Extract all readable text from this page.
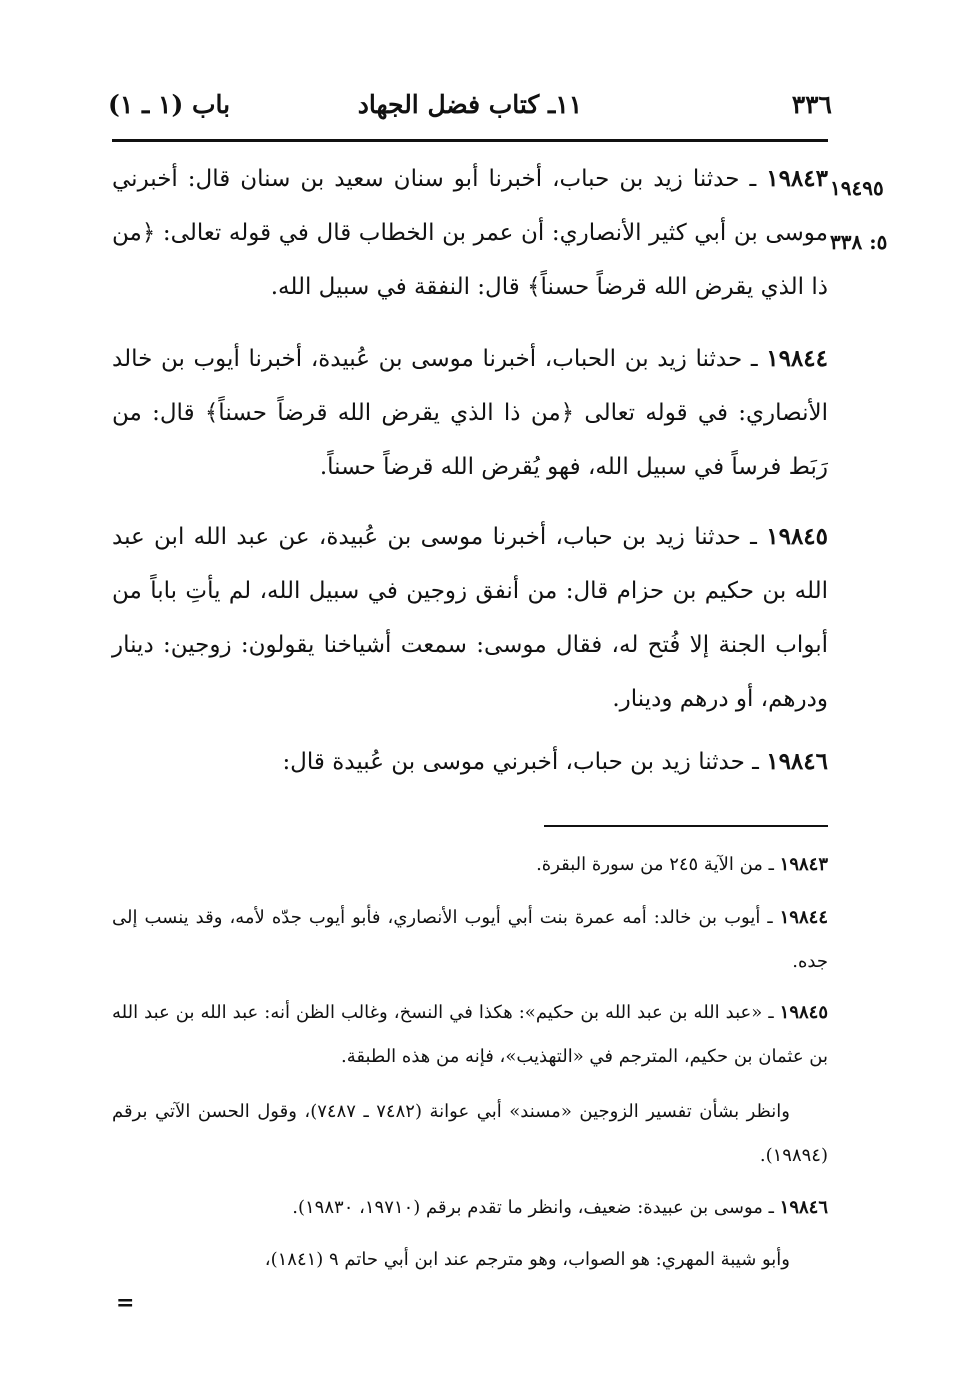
٣٣٦
١١ـ كتاب فضل الجهاد
باب (١ ـ ١)
١٩٤٩٥
٥: ٣٣٨

١٩٨٤٣ ـ حدثنا زيد بن حباب، أخبرنا أبو سنان سعيد بن سنان قال: أخبرني موسى بن أبي كثير الأنصاري: أن عمر بن الخطاب قال في قوله تعالى: ﴿من ذا الذي يقرض الله قرضاً حسناً﴾ قال: النفقة في سبيل الله.

١٩٨٤٤ ـ حدثنا زيد بن الحباب، أخبرنا موسى بن عُبيدة، أخبرنا أيوب بن خالد الأنصاري: في قوله تعالى ﴿من ذا الذي يقرض الله قرضاً حسناً﴾ قال: من رَبَط فرساً في سبيل الله، فهو يُقرض الله قرضاً حسناً.

١٩٨٤٥ ـ حدثنا زيد بن حباب، أخبرنا موسى بن عُبيدة، عن عبد الله ابن عبد الله بن حكيم بن حزام قال: من أنفق زوجين في سبيل الله، لم يأتِ باباً من أبواب الجنة إلا فُتح له، فقال موسى: سمعت أشياخنا يقولون: زوجين: دينار ودرهم، أو درهم ودينار.

١٩٨٤٦ ـ حدثنا زيد بن حباب، أخبرني موسى بن عُبيدة قال:

١٩٨٤٣ ـ من الآية ٢٤٥ من سورة البقرة.

١٩٨٤٤ ـ أيوب بن خالد: أمه عمرة بنت أبي أيوب الأنصاري، فأبو أيوب جدّه لأمه، وقد ينسب إلى جده.

١٩٨٤٥ ـ «عبد الله بن عبد الله بن حكيم»: هكذا في النسخ، وغالب الظن أنه: عبد الله بن عبد الله بن عثمان بن حكيم، المترجم في «التهذيب»، فإنه من هذه الطبقة.

وانظر بشأن تفسير الزوجين «مسند» أبي عوانة (٧٤٨٢ ـ ٧٤٨٧)، وقول الحسن الآتي برقم (١٩٨٩٤).

١٩٨٤٦ ـ موسى بن عبيدة: ضعيف، وانظر ما تقدم برقم (١٩٧١٠، ١٩٨٣٠).

وأبو شيبة المهري: هو الصواب، وهو مترجم عند ابن أبي حاتم ٩ (١٨٤١)،

=
